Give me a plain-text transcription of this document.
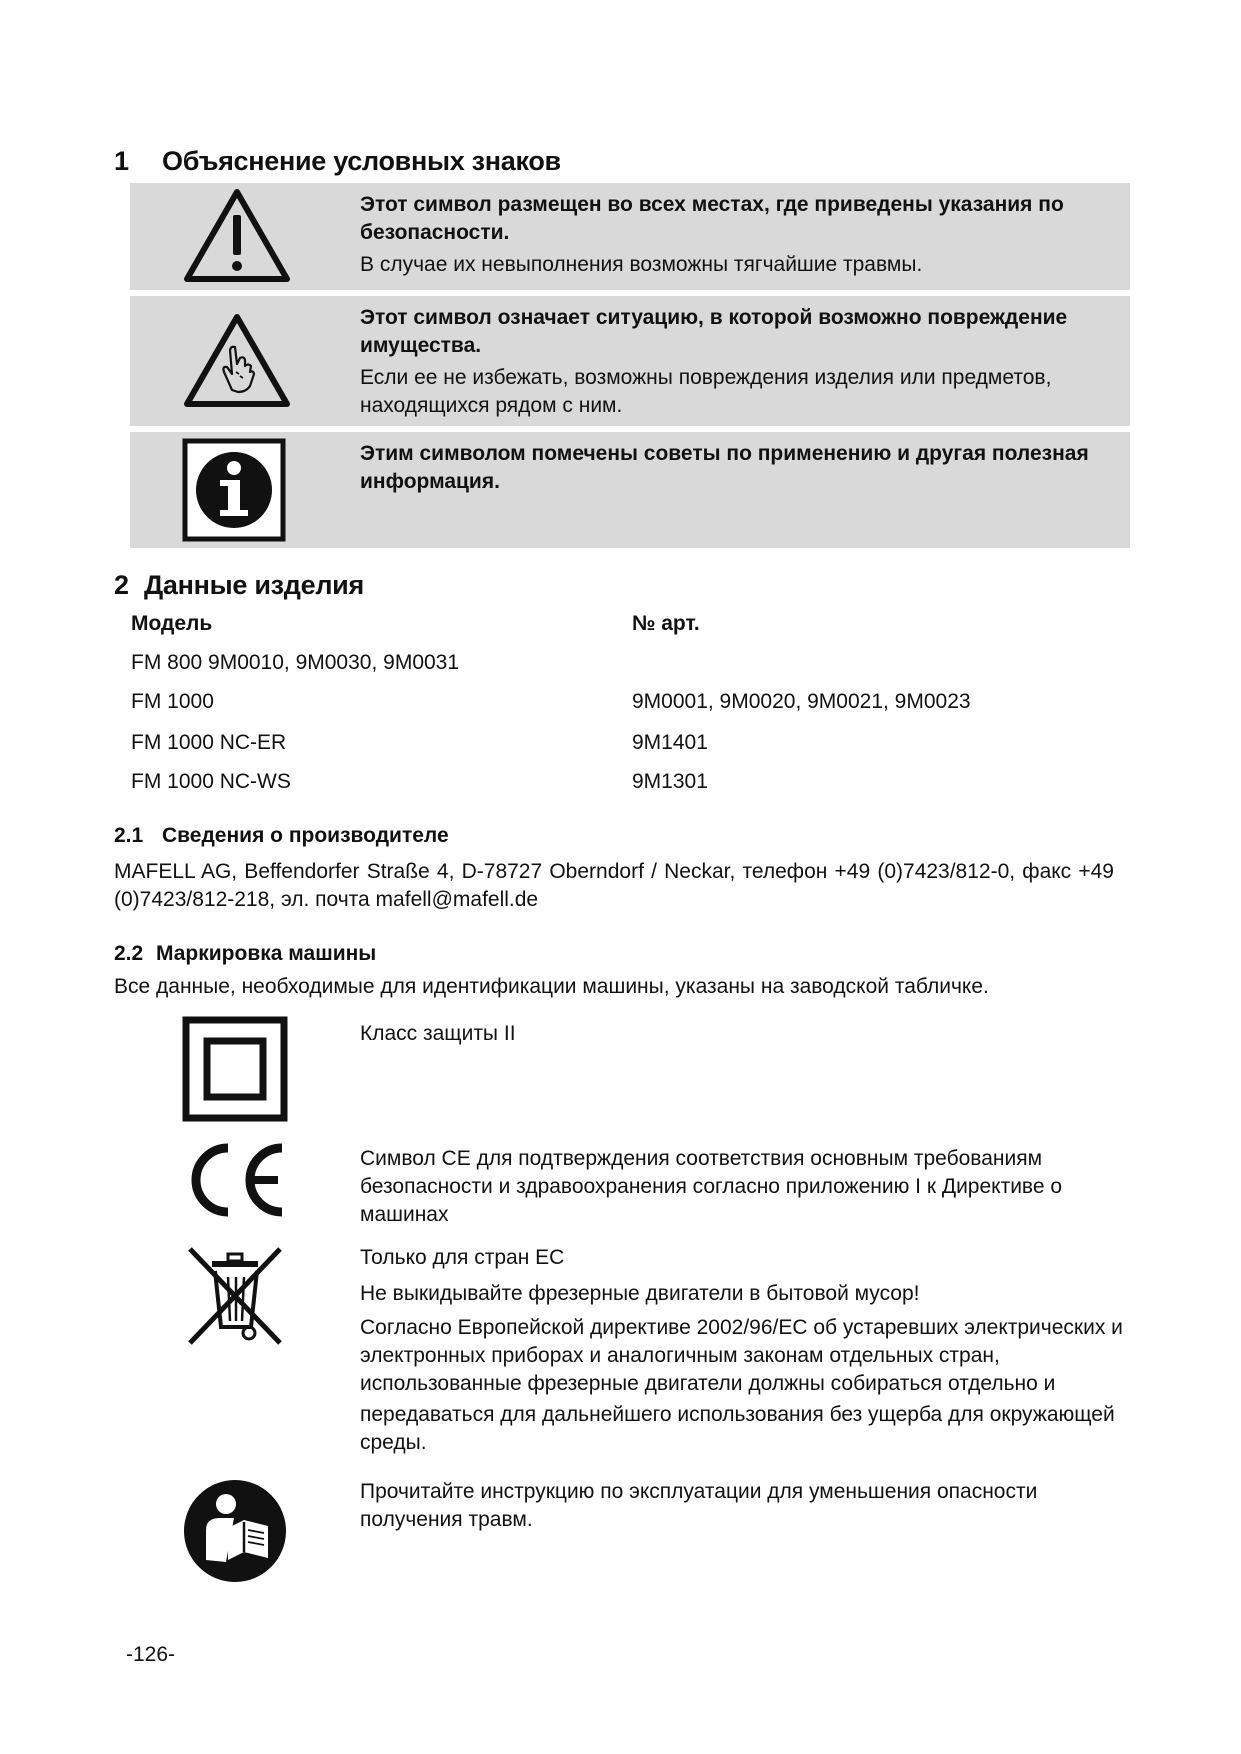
1 Объяснение условных знаков
Этот символ размещен во всех местах, где приведены указания по безопасности.
В случае их невыполнения возможны тягчайшие травмы.
Этот символ означает ситуацию, в которой возможно повреждение имущества.
Если ее не избежать, возможны повреждения изделия или предметов, находящихся рядом с ним.
Этим символом помечены советы по применению и другая полезная информация.
2 Данные изделия
Модель	№ арт.
FM 800 9M0010, 9M0030, 9M0031
FM 1000	9M0001, 9M0020, 9M0021, 9M0023
FM 1000 NC-ER	9M1401
FM 1000 NC-WS	9M1301
2.1 Сведения о производителе
MAFELL AG, Beffendorfer Straße 4, D-78727 Oberndorf / Neckar, телефон +49 (0)7423/812-0, факс +49 (0)7423/812-218, эл. почта mafell@mafell.de
2.2 Маркировка машины
Все данные, необходимые для идентификации машины, указаны на заводской табличке.

Класс защиты II

Символ CE для подтверждения соответствия основным требованиям безопасности и здравоохранения согласно приложению I к Директиве о машинах

Только для стран ЕС

Не выкидывайте фрезерные двигатели в бытовой мусор!

Согласно Европейской директиве 2002/96/EC об устаревших электрических и электронных приборах и аналогичным законам отдельных стран, использованные фрезерные двигатели должны собираться отдельно и

передаваться для дальнейшего использования без ущерба для окружающей среды.

Прочитайте инструкцию по эксплуатации для уменьшения опасности получения травм.

-126-
